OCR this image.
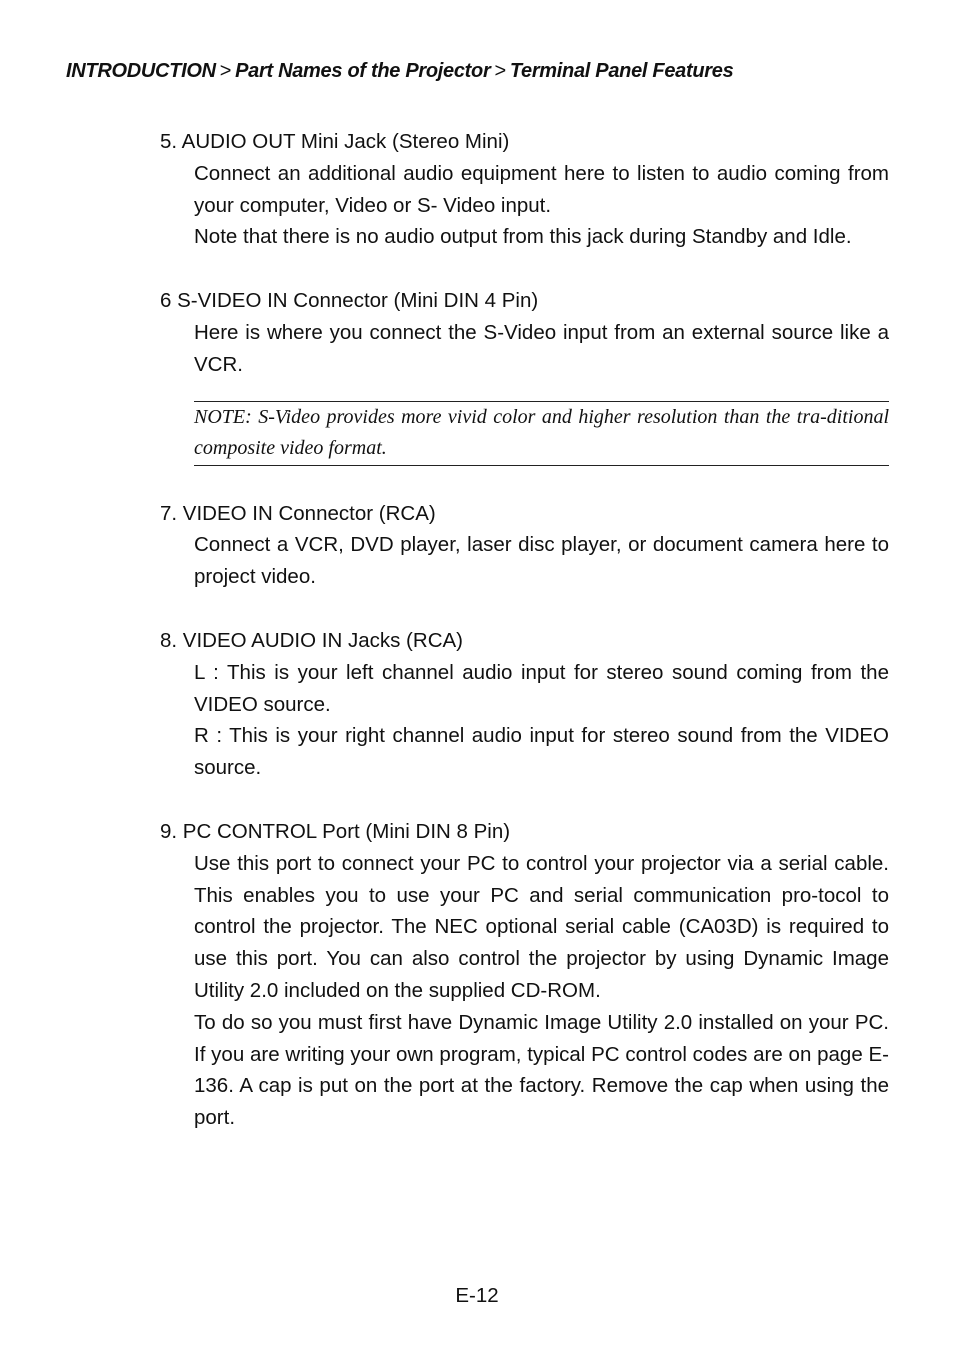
INTRODUCTION > Part Names of the Projector > Terminal Panel Features
5. AUDIO OUT Mini Jack (Stereo Mini)
Connect an additional audio equipment here to listen to audio coming from your computer, Video or S- Video input.
Note that there is no audio output from this jack during Standby and Idle.
6 S-VIDEO IN Connector (Mini DIN 4 Pin)
Here is where you connect the S-Video input from an external source like a VCR.
NOTE: S-Video provides more vivid color and higher resolution than the tra-ditional composite video format.
7. VIDEO IN Connector (RCA)
Connect a VCR, DVD player, laser disc player, or document camera here to project video.
8. VIDEO AUDIO IN Jacks (RCA)
L : This is your left channel audio input for stereo sound coming from the VIDEO source.
R : This is your right channel audio input for stereo sound from the VIDEO source.
9. PC CONTROL Port (Mini DIN 8 Pin)
Use this port to connect your PC to control your projector via a serial cable. This enables you to use your PC and serial communication pro-tocol to control the projector. The NEC optional serial cable (CA03D) is required to use this port. You can also control the projector by using Dynamic Image Utility 2.0 included on the supplied CD-ROM.
To do so you must first have Dynamic Image Utility 2.0 installed on your PC. If you are writing your own program, typical PC control codes are on page E-136. A cap is put on the port at the factory. Remove the cap when using the port.
E-12
